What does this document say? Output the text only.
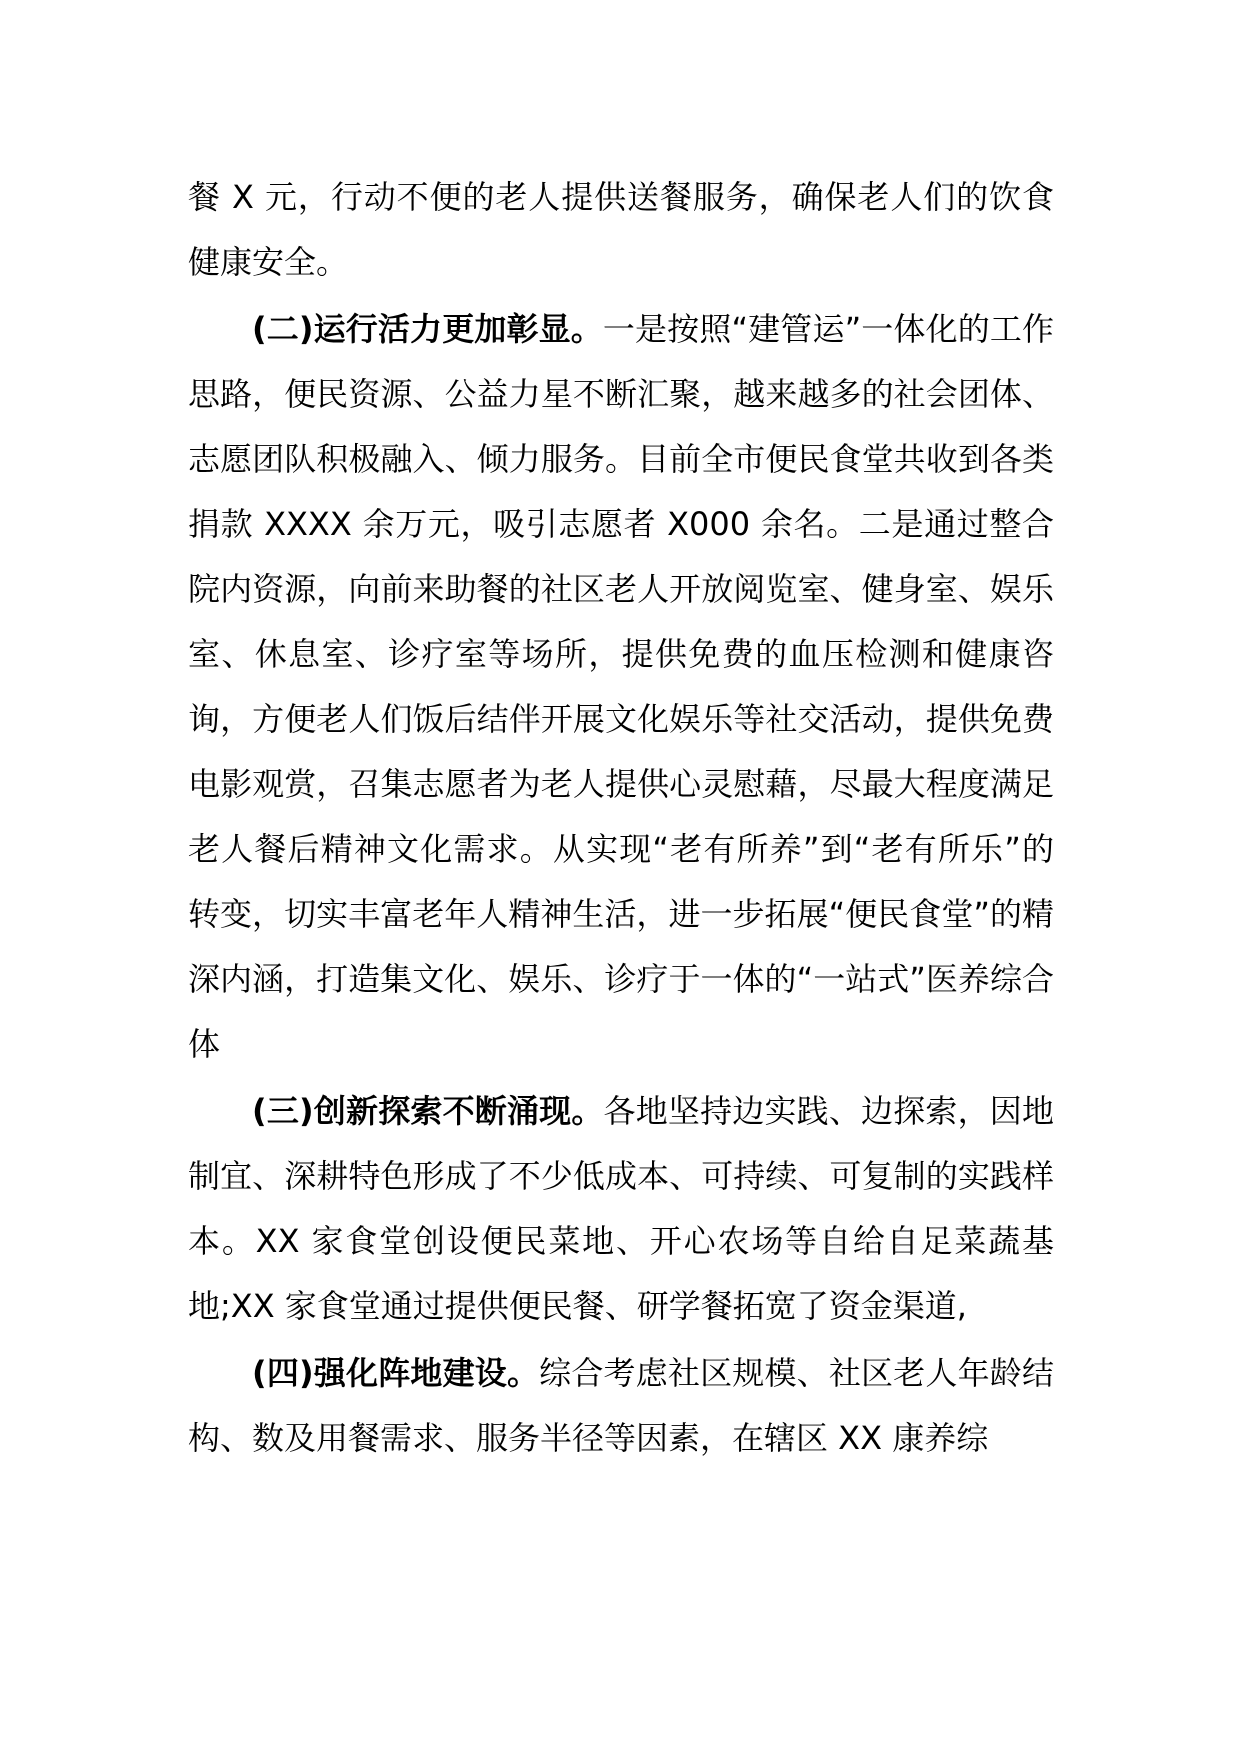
餐 X 元，行动不便的老人提供送餐服务，确保老人们的饮食健康安全。

(二)运行活力更加彰显。一是按照“建管运”一体化的工作思路，便民资源、公益力星不断汇聚，越来越多的社会团体、志愿团队积极融入、倾力服务。目前全市便民食堂共收到各类捐款 XXXX 余万元，吸引志愿者 X000 余名。二是通过整合院内资源，向前来助餐的社区老人开放阅览室、健身室、娱乐室、休息室、诊疗室等场所，提供免费的血压检测和健康咨询，方便老人们饭后结伴开展文化娱乐等社交活动，提供免费电影观赏，召集志愿者为老人提供心灵慰藉，尽最大程度满足老人餐后精神文化需求。从实现“老有所养”到“老有所乐”的转变，切实丰富老年人精神生活，进一步拓展“便民食堂”的精深内涵，打造集文化、娱乐、诊疗于一体的“一站式”医养综合体

(三)创新探索不断涌现。各地坚持边实践、边探索，因地制宜、深耕特色形成了不少低成本、可持续、可复制的实践样本。XX 家食堂创设便民菜地、开心农场等自给自足菜蔬基地;XX 家食堂通过提供便民餐、研学餐拓宽了资金渠道,

(四)强化阵地建设。综合考虑社区规模、社区老人年龄结构、数及用餐需求、服务半径等因素，在辖区 XX 康养综
